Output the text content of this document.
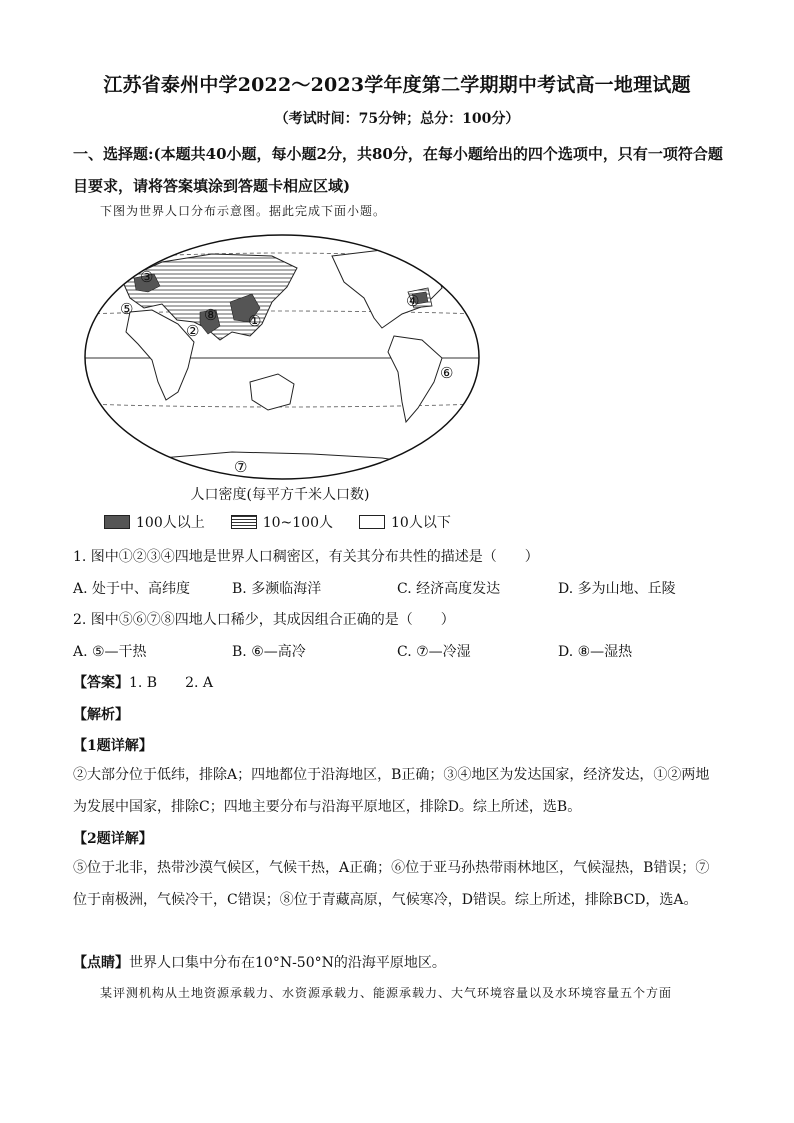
江苏省泰州中学2022～2023学年度第二学期期中考试高一地理试题
（考试时间：75分钟；总分：100分）
一、选择题:(本题共40小题，每小题2分，共80分，在每小题给出的四个选项中，只有一项符合题目要求，请将答案填涂到答题卡相应区域)
下图为世界人口分布示意图。据此完成下面小题。
③
⑤	⑧
②
①
④
⑥
⑦
人口密度(每平方千米人口数)
100人以上	10~100人	10人以下
1. 图中①②③④四地是世界人口稠密区，有关其分布共性的描述是（　　）
A. 处于中、高纬度	B. 多濒临海洋	C. 经济高度发达	D. 多为山地、丘陵
2. 图中⑤⑥⑦⑧四地人口稀少，其成因组合正确的是（　　）
A. ⑤—干热	B. ⑥—高冷	C. ⑦—冷湿	D. ⑧—湿热
【答案】1. B　　2. A
【解析】
【1题详解】
②大部分位于低纬，排除A；四地都位于沿海地区，B正确；③④地区为发达国家，经济发达，①②两地为发展中国家，排除C；四地主要分布与沿海平原地区，排除D。综上所述，选B。
【2题详解】
⑤位于北非，热带沙漠气候区，气候干热，A正确；⑥位于亚马孙热带雨林地区，气候湿热，B错误；⑦位于南极洲，气候冷干，C错误；⑧位于青藏高原，气候寒冷，D错误。综上所述，排除BCD，选A。
【点睛】世界人口集中分布在10°N-50°N的沿海平原地区。
某评测机构从土地资源承载力、水资源承载力、能源承载力、大气环境容量以及水环境容量五个方面
